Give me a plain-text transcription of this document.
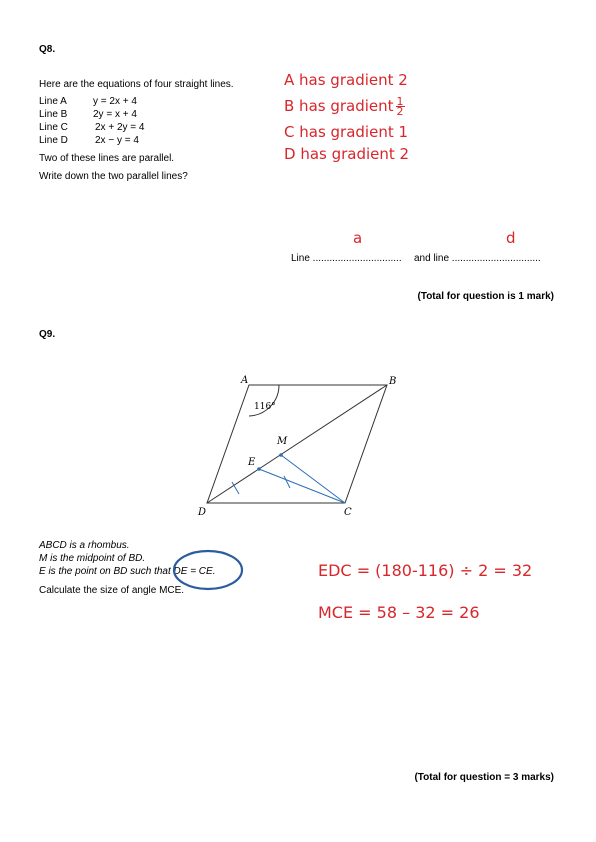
Q8.
Here are the equations of four straight lines.
Line A	y = 2x + 4
Line B	2y = x + 4
Line C	2x + 2y = 4
Line D	2x − y = 4
Two of these lines are parallel.
Write down the two parallel lines?
A has gradient 2
B has gradient $\frac{1}{2}$
C has gradient 1
D has gradient 2
a	d
Line ................................ and line ................................
(Total for question is 1 mark)
Q9.
A	B
C
D
E
M
116°
ABCD is a rhombus.
M is the midpoint of BD.
E is the point on BD such that DE = CE.
Calculate the size of angle MCE.
EDC = (180-116) ÷ 2 = 32
MCE = 58 – 32 = 26
(Total for question = 3 marks)
